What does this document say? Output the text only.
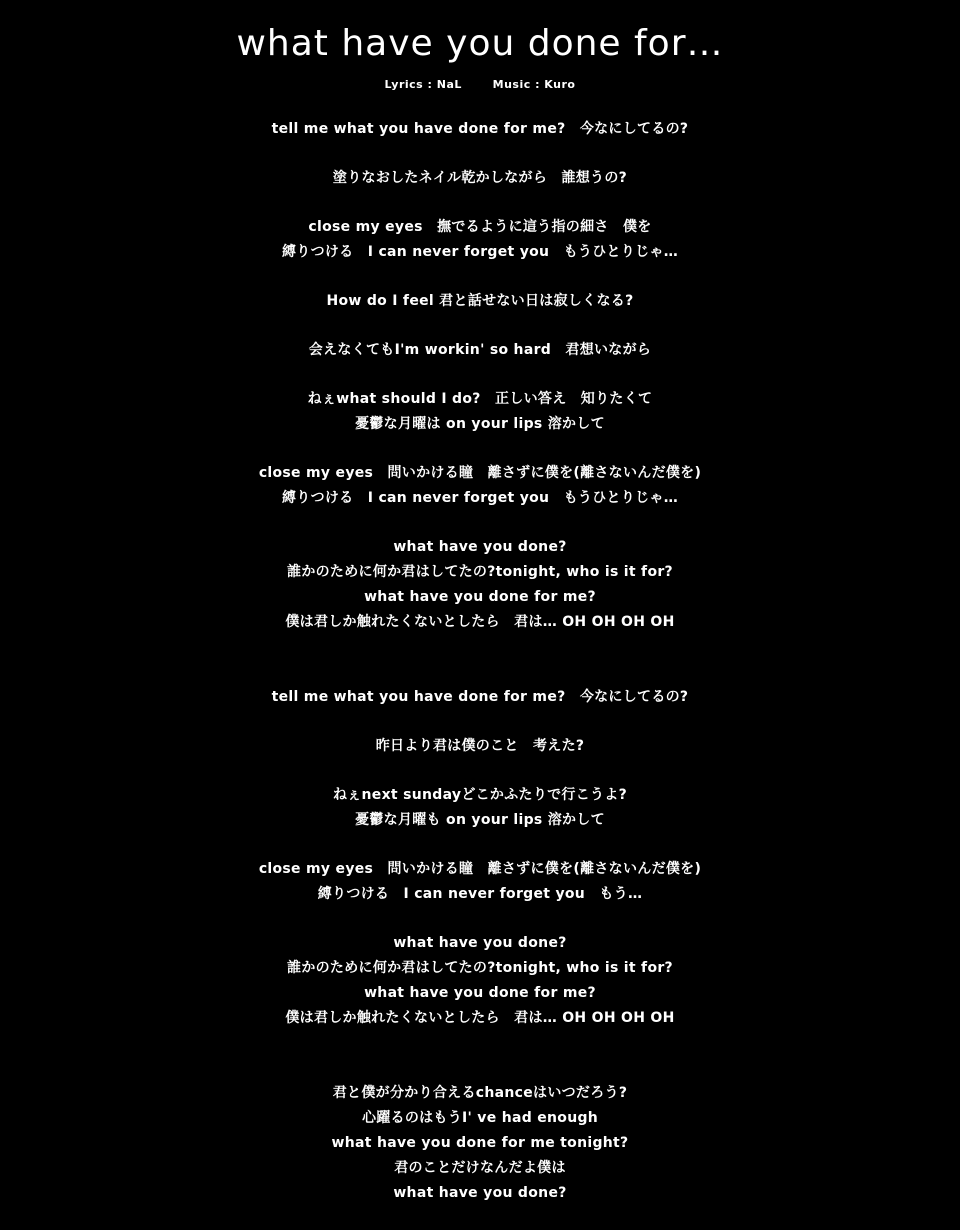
what have you done for…
Lyrics : NaL	Music : Kuro
tell me what you have done for me?　今なにしてるの?
塗りなおしたネイル乾かしながら　誰想うの?
close my eyes　撫でるように這う指の細さ　僕を
縛りつける　I can never forget you　もうひとりじゃ…
How do I feel 君と話せない日は寂しくなる?
会えなくてもI'm workin' so hard　君想いながら
ねぇwhat should I do?　正しい答え　知りたくて
憂鬱な月曜は on your lips 溶かして
close my eyes　問いかける瞳　離さずに僕を(離さないんだ僕を)
縛りつける　I can never forget you　もうひとりじゃ…
what have you done?
誰かのために何か君はしてたの?tonight, who is it for?
what have you done for me?
僕は君しか触れたくないとしたら　君は… OH OH OH OH
tell me what you have done for me?　今なにしてるの?
昨日より君は僕のこと　考えた?
ねぇnext sundayどこかふたりで行こうよ?
憂鬱な月曜も on your lips 溶かして
close my eyes　問いかける瞳　離さずに僕を(離さないんだ僕を)
縛りつける　I can never forget you　もう…
what have you done?
誰かのために何か君はしてたの?tonight, who is it for?
what have you done for me?
僕は君しか触れたくないとしたら　君は… OH OH OH OH
君と僕が分かり合えるchanceはいつだろう?
心躍るのはもうI' ve had enough
what have you done for me tonight?
君のことだけなんだよ僕は
what have you done?
